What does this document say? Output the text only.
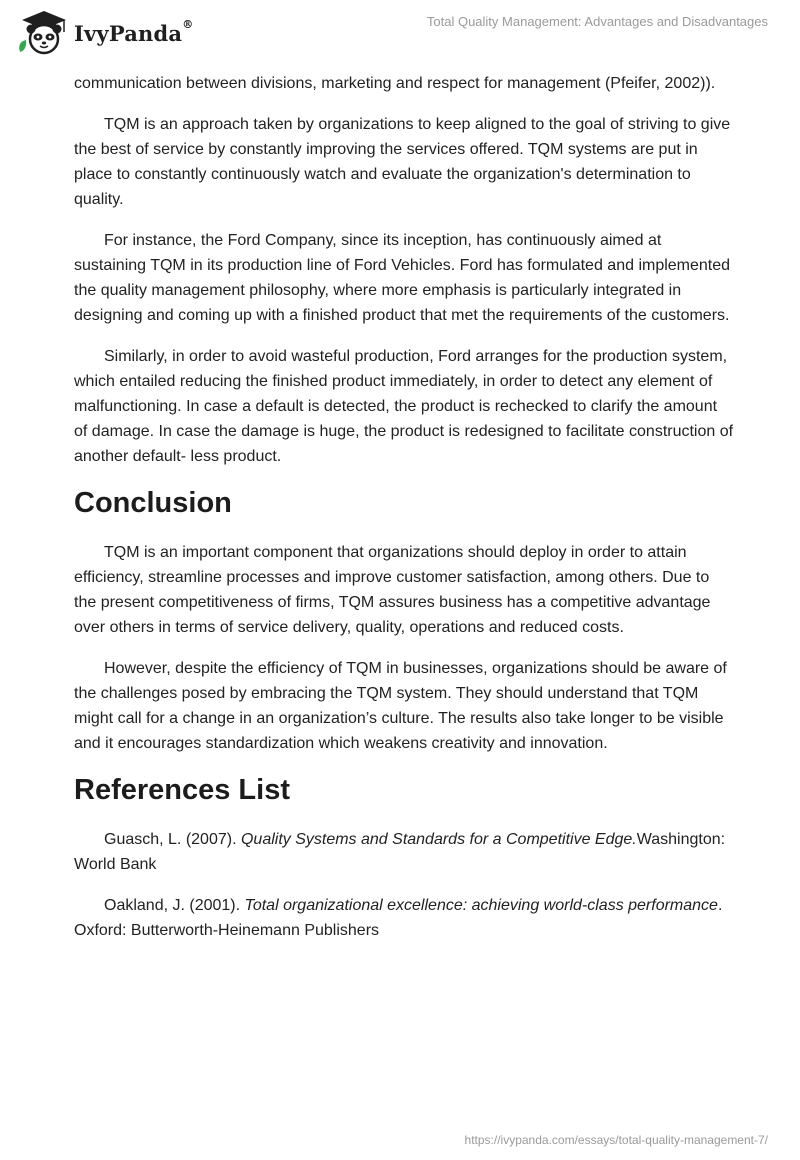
IvyPanda®	Total Quality Management: Advantages and Disadvantages

communication between divisions, marketing and respect for management (Pfeifer, 2002)).

TQM is an approach taken by organizations to keep aligned to the goal of striving to give the best of service by constantly improving the services offered. TQM systems are put in place to constantly continuously watch and evaluate the organization's determination to quality.

For instance, the Ford Company, since its inception, has continuously aimed at sustaining TQM in its production line of Ford Vehicles. Ford has formulated and implemented the quality management philosophy, where more emphasis is particularly integrated in designing and coming up with a finished product that met the requirements of the customers.

Similarly, in order to avoid wasteful production, Ford arranges for the production system, which entailed reducing the finished product immediately, in order to detect any element of malfunctioning. In case a default is detected, the product is rechecked to clarify the amount of damage. In case the damage is huge, the product is redesigned to facilitate construction of another default- less product.

Conclusion

TQM is an important component that organizations should deploy in order to attain efficiency, streamline processes and improve customer satisfaction, among others. Due to the present competitiveness of firms, TQM assures business has a competitive advantage over others in terms of service delivery, quality, operations and reduced costs.

However, despite the efficiency of TQM in businesses, organizations should be aware of the challenges posed by embracing the TQM system. They should understand that TQM might call for a change in an organization’s culture. The results also take longer to be visible and it encourages standardization which weakens creativity and innovation.

References List

Guasch, L. (2007). Quality Systems and Standards for a Competitive Edge.Washington: World Bank

Oakland, J. (2001). Total organizational excellence: achieving world-class performance. Oxford: Butterworth-Heinemann Publishers

https://ivypanda.com/essays/total-quality-management-7/
